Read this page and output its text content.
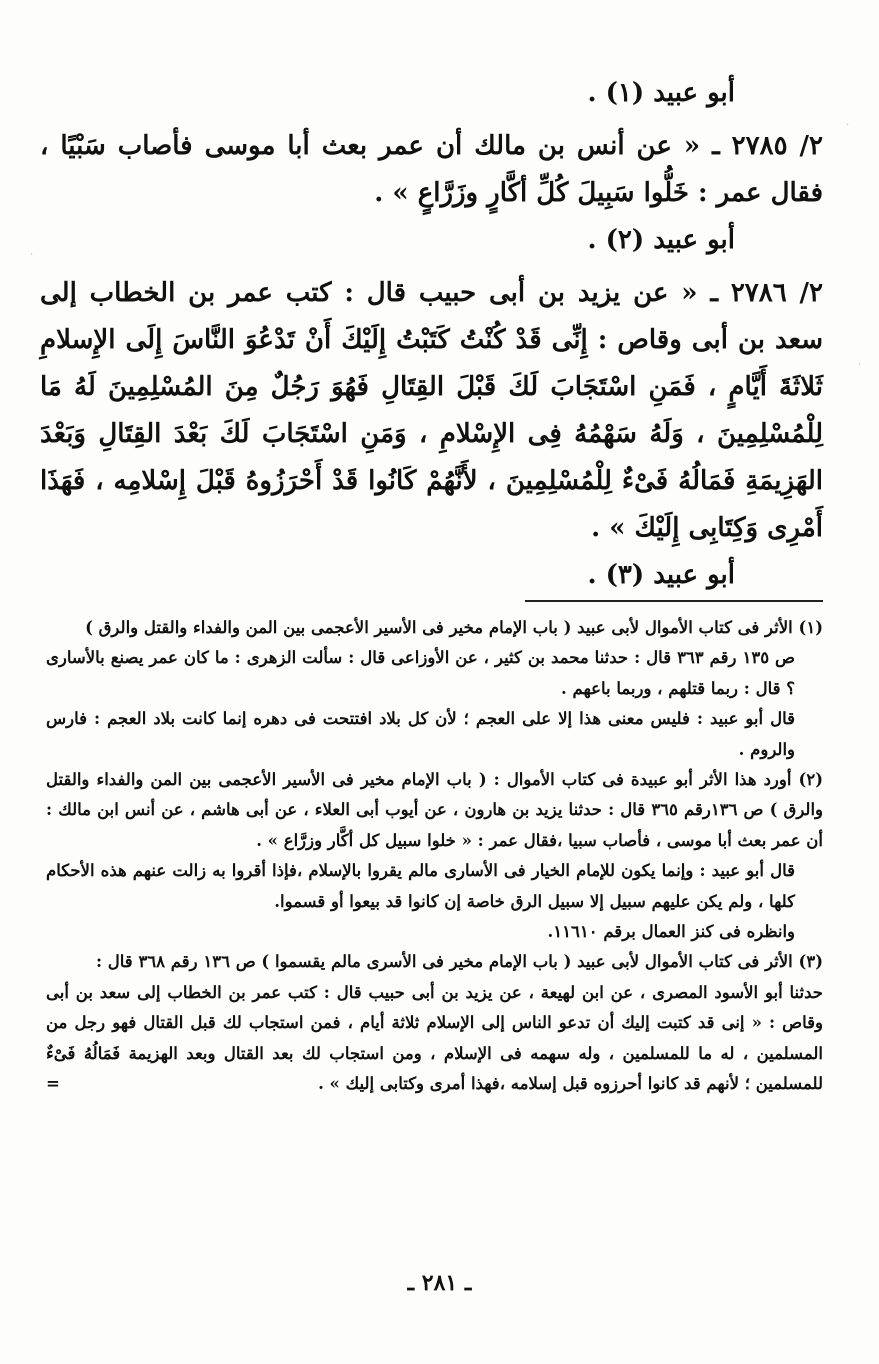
أبو عبيد (١) .

٢/ ٢٧٨٥ ـ « عن أنس بن مالك أن عمر بعث أبا موسى فأصاب سَبْيًا ، فقال عمر : خَلُّوا سَبِيلَ كُلِّ أكَّارٍ وزَرَّاعٍ » .

أبو عبيد (٢) .

٢/ ٢٧٨٦ ـ « عن يزيد بن أبى حبيب قال : كتب عمر بن الخطاب إلى سعد بن أبى وقاص : إِنِّى قَدْ كُنْتُ كَتَبْتُ إِلَيْكَ أَنْ تَدْعُوَ النَّاسَ إِلَى الإِسلامِ ثَلاثَةَ أَيَّامٍ ، فَمَنِ اسْتَجَابَ لَكَ قَبْلَ القِتَالِ فَهُوَ رَجُلٌ مِنَ المُسْلِمِينَ لَهُ مَا لِلْمُسْلِمِينَ ، وَلَهُ سَهْمُهُ فِى الإِسْلامِ ، وَمَنِ اسْتَجَابَ لَكَ بَعْدَ القِتَالِ وَبَعْدَ الهَزِيمَةِ فَمَالُهُ فَىْءٌ لِلْمُسْلِمِينَ ، لأَنَّهُمْ كَانُوا قَدْ أَحْرَزُوهُ قَبْلَ إِسْلامِه ، فَهَذَا أَمْرِى وَكِتَابِى إِلَيْكَ » .

أبو عبيد (٣) .

(١) الأثر فى كتاب الأموال لأبى عبيد ( باب الإمام مخير فى الأسير الأعجمى بين المن والفداء والقتل والرق )

ص ١٣٥ رقم ٣٦٣ قال : حدثنا محمد بن كثير ، عن الأوزاعى قال : سألت الزهرى : ما كان عمر يصنع بالأسارى ؟ قال : ربما قتلهم ، وربما باعهم .

قال أبو عبيد : فليس معنى هذا إلا على العجم ؛ لأن كل بلاد افتتحت فى دهره إنما كانت بلاد العجم : فارس والروم .

(٢) أورد هذا الأثر أبو عبيدة فى كتاب الأموال : ( باب الإمام مخير فى الأسير الأعجمى بين المن والفداء والقتل والرق ) ص ١٣٦رقم ٣٦٥ قال : حدثنا يزيد بن هارون ، عن أيوب أبى العلاء ، عن أبى هاشم ، عن أنس ابن مالك : أن عمر بعث أبا موسى ، فأصاب سبيا ،فقال عمر : « خلوا سبيل كل أكَّار وزرَّاع » .

قال أبو عبيد : وإنما يكون للإمام الخيار فى الأسارى مالم يقروا بالإسلام ،فإذا أقروا به زالت عنهم هذه الأحكام كلها ، ولم يكن عليهم سبيل إلا سبيل الرق خاصة إن كانوا قد بيعوا أو قسموا.

وانظره فى كنز العمال برقم ١١٦١٠.

(٣) الأثر فى كتاب الأموال لأبى عبيد ( باب الإمام مخير فى الأسرى مالم يقسموا ) ص ١٣٦ رقم ٣٦٨ قال :

حدثنا أبو الأسود المصرى ، عن ابن لهيعة ، عن يزيد بن أبى حبيب قال : كتب عمر بن الخطاب إلى سعد بن أبى وقاص : « إنى قد كتبت إليك أن تدعو الناس إلى الإسلام ثلاثة أيام ، فمن استجاب لك قبل القتال فهو رجل من المسلمين ، له ما للمسلمين ، وله سهمه فى الإسلام ، ومن استجاب لك بعد القتال وبعد الهزيمة فَمَالُهُ فَىْءٌ للمسلمين ؛ لأنهم قد كانوا أحرزوه قبل إسلامه ،فهذا أمرى وكتابى إليك » .
=

ـ ٢٨١ ـ
·
·
·
